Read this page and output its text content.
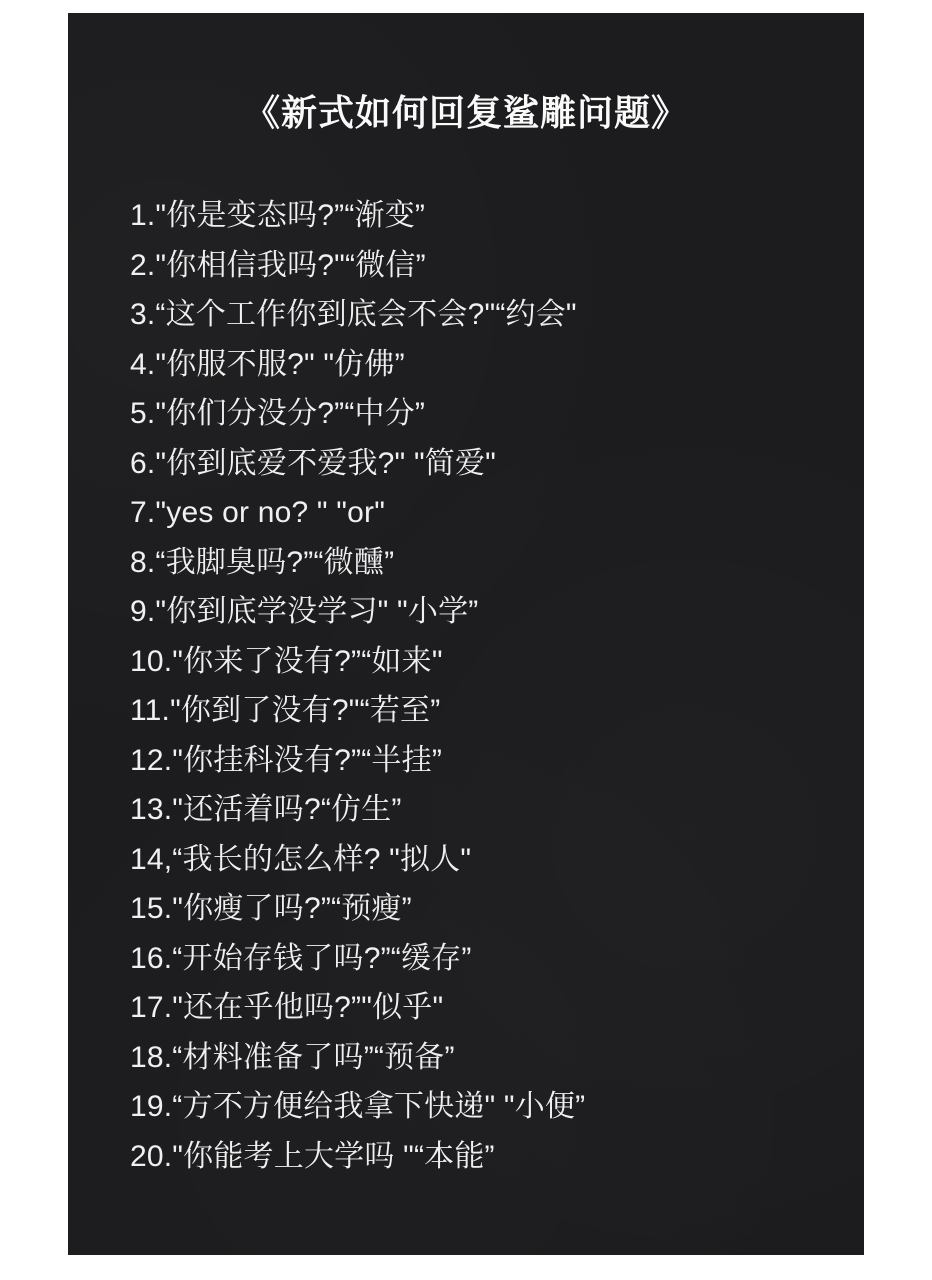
《新式如何回复鲨雕问题》
1."你是变态吗?”“渐变”
2."你相信我吗?"“微信”
3.“这个工作你到底会不会?"“约会"
4."你服不服?" "仿佛”
5."你们分没分?”“中分”
6."你到底爱不爱我?" "简爱"
7."yes or no? " "or"
8.“我脚臭吗?”“微醺”
9."你到底学没学习" "小学”
10."你来了没有?”“如来"
11."你到了没有?"“若至”
12."你挂科没有?”“半挂”
13."还活着吗?“仿生”
14,“我长的怎么样? "拟人"
15."你瘦了吗?”“预瘦”
16.“开始存钱了吗?”“缓存”
17."还在乎他吗?”"似乎"
18.“材料准备了吗”“预备”
19.“方不方便给我拿下快递" "小便”
20."你能考上大学吗 "“本能”
